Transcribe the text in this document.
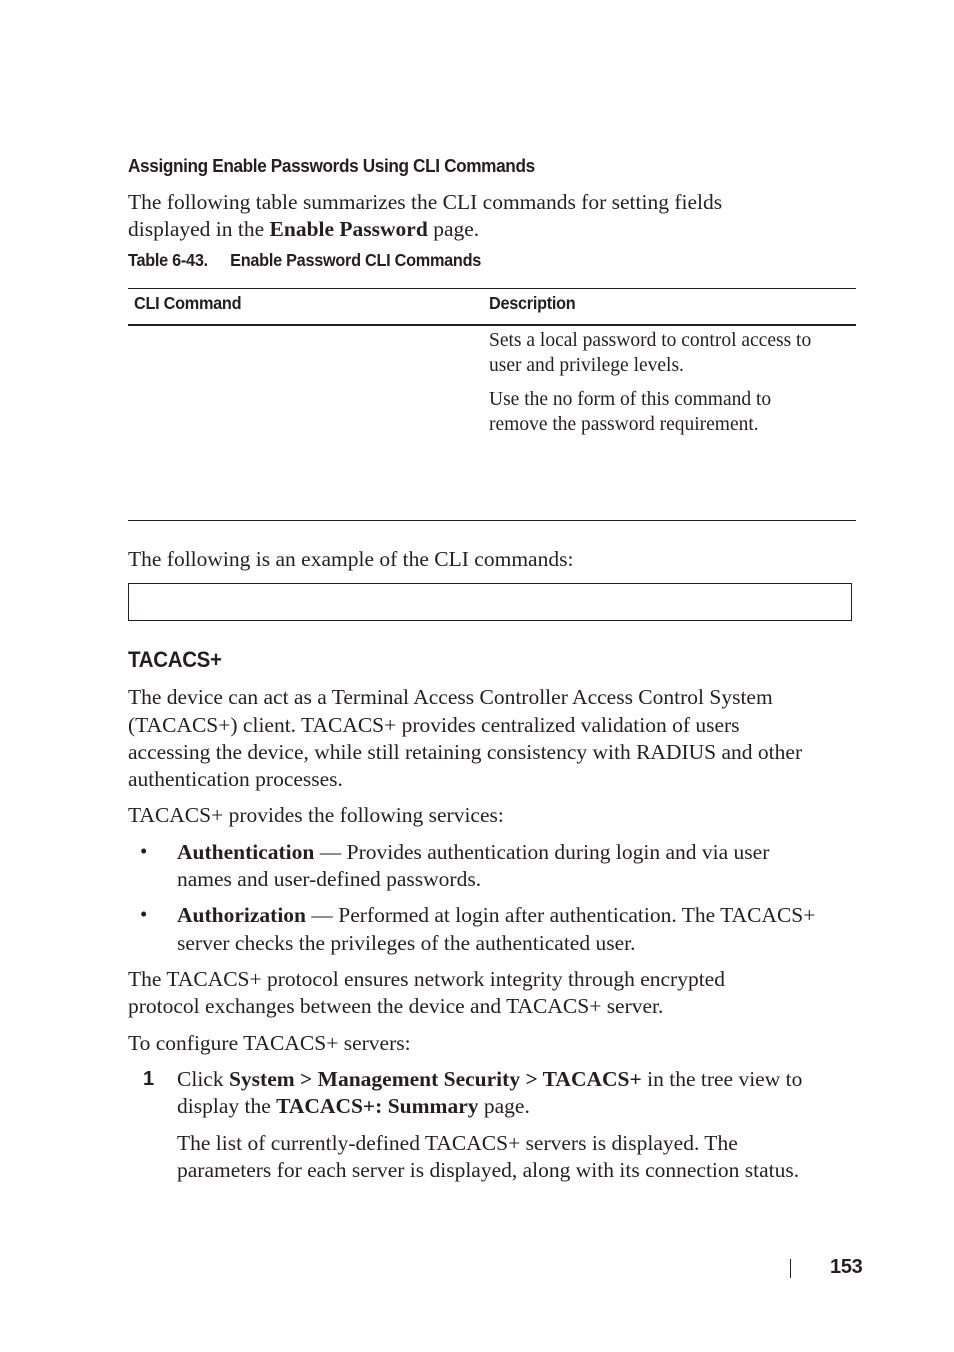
Assigning Enable Passwords Using CLI Commands
The following table summarizes the CLI commands for setting fields
displayed in the Enable Password page.
Table 6-43. Enable Password CLI Commands
CLI Command	Description
Sets a local password to control access to
user and privilege levels.
Use the no form of this command to
remove the password requirement.
The following is an example of the CLI commands:
TACACS+
The device can act as a Terminal Access Controller Access Control System
(TACACS+) client. TACACS+ provides centralized validation of users
accessing the device, while still retaining consistency with RADIUS and other
authentication processes.
TACACS+ provides the following services:
• Authentication — Provides authentication during login and via user
names and user-defined passwords.
• Authorization — Performed at login after authentication. The TACACS+
server checks the privileges of the authenticated user.
The TACACS+ protocol ensures network integrity through encrypted
protocol exchanges between the device and TACACS+ server.
To configure TACACS+ servers:
1 Click System > Management Security > TACACS+ in the tree view to
display the TACACS+: Summary page.
The list of currently-defined TACACS+ servers is displayed. The
parameters for each server is displayed, along with its connection status.
153
